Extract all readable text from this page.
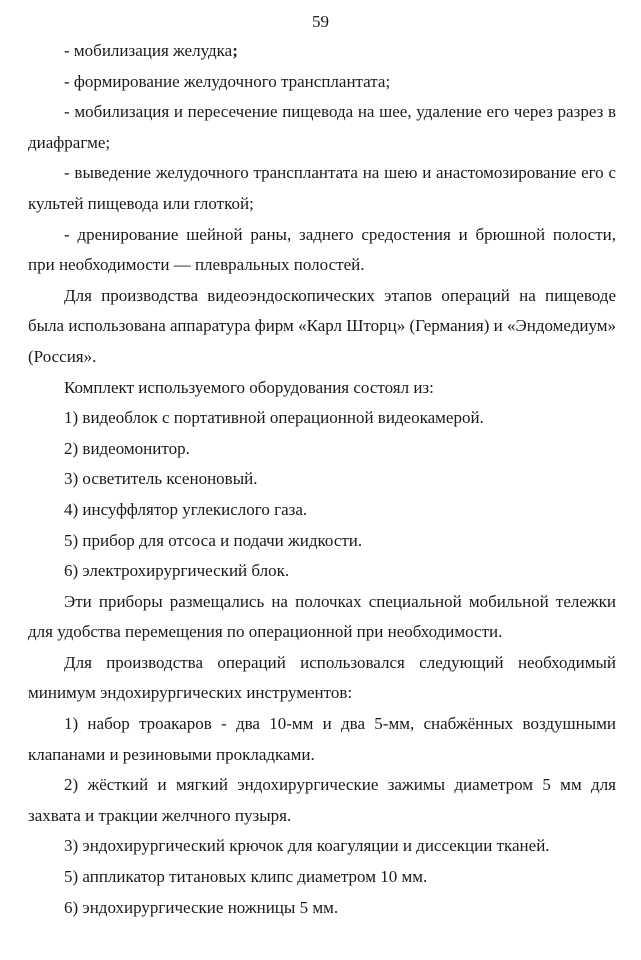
59

- мобилизация желудка;

- формирование желудочного трансплантата;

- мобилизация и пересечение пищевода на шее, удаление его через разрез в диафрагме;

- выведение желудочного трансплантата на шею и анастомозирование его с культей пищевода или глоткой;

- дренирование шейной раны, заднего средостения и брюшной полости, при необходимости — плевральных полостей.

Для производства видеоэндоскопических этапов операций на пищеводе была использована аппаратура фирм «Карл Шторц» (Германия) и «Эндомедиум» (Россия».

Комплект используемого оборудования состоял из:

1) видеоблок с портативной операционной видеокамерой.

2) видеомонитор.

3) осветитель ксеноновый.

4) инсуффлятор углекислого газа.

5) прибор для отсоса и подачи жидкости.

6) электрохирургический блок.

Эти приборы размещались на полочках специальной мобильной тележки для удобства перемещения по операционной при необходимости.

Для производства операций использовался следующий необходимый минимум эндохирургических инструментов:

1) набор троакаров - два 10-мм и два 5-мм, снабжённых воздушными клапанами и резиновыми прокладками.

2) жёсткий и мягкий эндохирургические зажимы диаметром 5 мм для захвата и тракции желчного пузыря.

3) эндохирургический крючок для коагуляции и диссекции тканей.

5) аппликатор титановых клипс диаметром 10 мм.

6) эндохирургические ножницы 5 мм.
